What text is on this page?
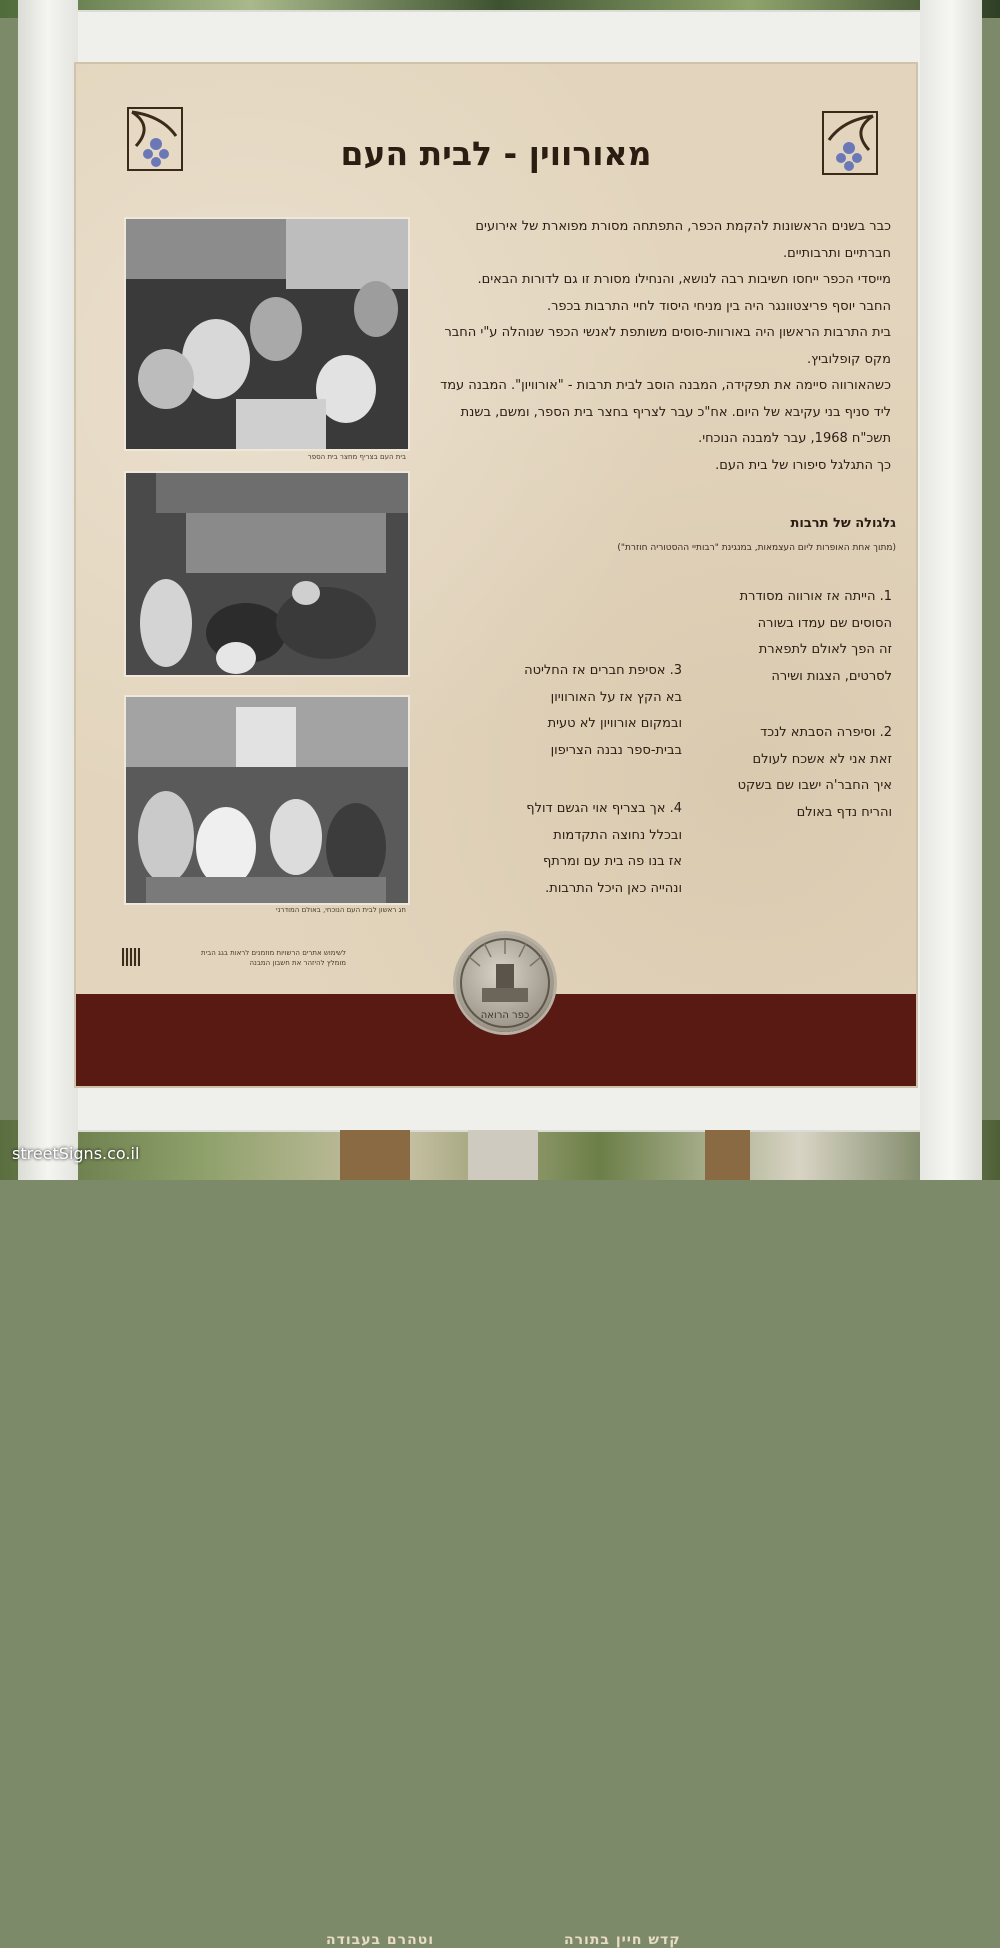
מאורווין - לבית העם
בית העם בצריף מחצר בית הספר
חג ראשון לבית העם הנוכחי, באולם המודרני

כבר בשנים הראשונות להקמת הכפר, התפתחה מסורת מפוארת של אירועים חברתיים ותרבותיים.

מייסדי הכפר ייחסו חשיבות רבה לנושא, והנחילו מסורת זו גם לדורות הבאים.

החבר יוסף פריצטוונגר היה בין מניחי היסוד לחיי התרבות בכפר.

בית התרבות הראשון היה באורוות-סוסים משותפת לאנשי הכפר שנוהלה ע"י החבר מקס קופלוביץ.

כשהאורווה סיימה את תפקידה, המבנה הוסב לבית תרבות - "אורוויון". המבנה עמד ליד סניף בני עקיבא של היום. אח"כ עבר לצריף בחצר בית הספר, ומשם, בשנת תשכ"ח 1968, עבר למבנה הנוכחי.

כך התגלגל סיפורו של בית העם.

גלגולה של תרבות
(מתוך אחת האופרות ליום העצמאות, במנגינת "רבותיי ההסטוריה חוזרת")

1. הייתה אז אורווה מסודרת

הסוסים שם עמדו בשורה

זה הפך לאולם לתפארת

לסרטים, הצגות ושירה

2. וסיפרה הסבתא לנכד

זאת אני לא אשכח לעולם

איך החבר'ה ישבו שם בשקט

והריח נדף באולם

3. אסיפת חברים אז החליטה

בא הקץ אז על האורוויון

ובמקום אורוויון לא טעית

בבית-ספר נבנה הצריפון

4. אך בצריף אוי הגשם דולף

ובכלל נחוצה התקדמות

אז בנו פה בית עם ומרתף

ונהייה כאן היכל התרבות.

לשימוש אתרים הרשויות מוזמנים לראות בגג הבית
מומלץ להיזהר את חשבון המבנה
וטהרם בעבודה	קדש חיין בתורה
כפר הרואה
streetSigns.co.il
